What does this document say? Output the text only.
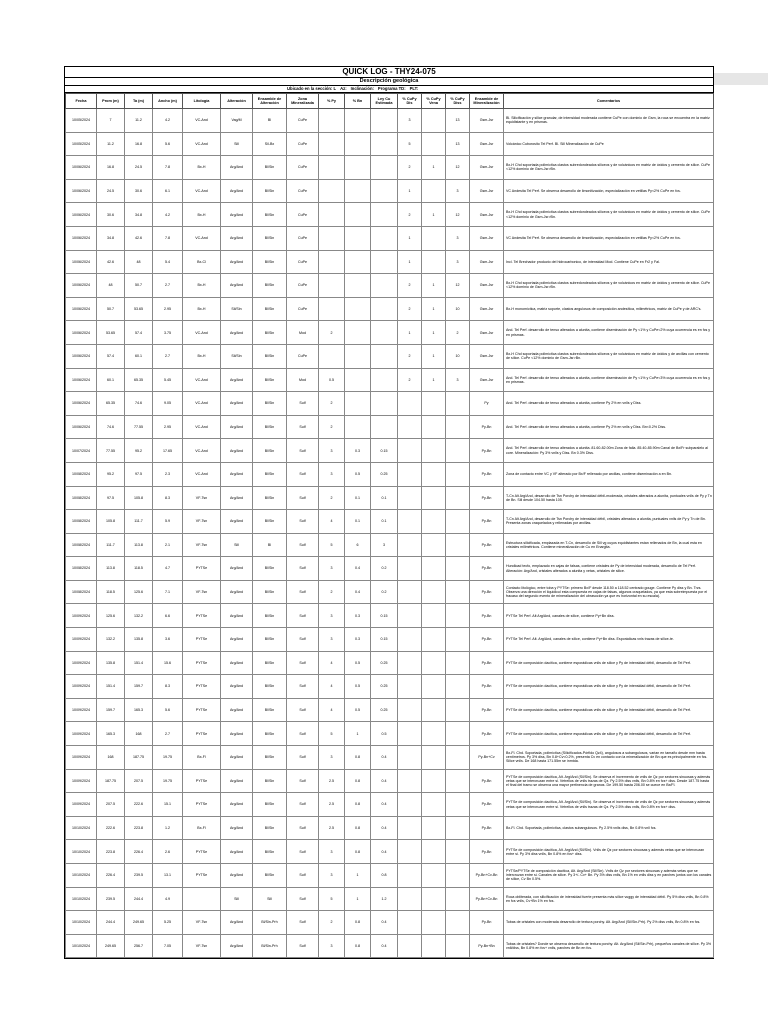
QUICK LOG - THY24-075
Descripción geológica
Ubicado en la sección: L Az: Inclinación: Programa TD: PLT:
Fecha	Prom (m)	Ta (m)	Ancho (m)	Litología	Alteración	Ensamble de Alteración	Zona Mineralizada	% Py	% Bn	Ley Cu Estimada	% CuPy Dis	% CuPy Vena	% CuPy Diss	Ensamble de Mineralización	Comentarios
10/05/2024	7	11.2	4.2	VC-And	Vag/M	Bl	CuPe				3		13	Gsm-Jsr	Bl. Silicificación y silice granular, de intensidad moderada contiene CuPe con dominio de Gsm, la roca se encuentra en la matriz equidistante y en prismas.
10/05/2024	11.2	16.8	5.6	VC-And	Sill	Sil-Bx	CuPe				5		13	Gsm-Jsr	Volcánico Cuborosito Tel Perf. Bl. Sill Mineralización de CuPe
10/06/2024	16.8	24.5	7.8	Bx-H	Arg/And	Bl/Sin	CuPe				2	1	12	Gsm-Jsr	Bx-H Chd soportada polimíctica clastos subredondeados silíceos y de volcánicos en matriz de óxidos y cemento de sílice. CuPe <12% dominio de Gsm-Jsr>Bn.
10/06/2024	24.5	30.6	6.1	VC-And	Arg/And	Bl/Sin	CuPe				1		3	Gsm-Jsr	VC Andesita Tel Perf. Se observa desarrollo de limonitización, especialización en vetillas Py<2% CuPe en fcs.
10/06/2024	30.6	34.8	4.2	Bx-H	Arg/And	Bl/Sin	CuPe				2	1	12	Gsm-Jsr	Bx-H Chd soportada polimíctica clastos subredondeados silíceos y de volcánicos en matriz de óxidos y cemento de sílice. CuPe <12% dominio de Gsm-Jsr>Bn.
10/06/2024	34.8	42.6	7.8	VC-And	Arg/And	Bl/Sin	CuPe				1		3	Gsm-Jsr	VC Andesita Tel Perf. Se observa desarrollo de limonitización, especialización en vetillas Py<2% CuPe en fcs.
10/06/2024	42.6	48	5.4	Bx-Cl	Arg/And	Bl/Sin	CuPe				1		3	Gsm-Jsr	Incl. Tel Brechador producto del hidrocarbonico, de intensidad Mod. Contiene CuPe en Fr2 y Fal.
10/06/2024	48	50.7	2.7	Bx-H	Arg/And	Bl/Sin	CuPe				2	1	12	Gsm-Jsr	Bx-H Chd soportada polimíctica clastos subredondeados silíceos y de volcánicos en matriz de óxidos y cemento de sílice. CuPe <12% dominio de Gsm-Jsr>Bn.
10/06/2024	50.7	53.65	2.95	Bx-H	Sil/Sin	Bl/Sin	CuPe				2	1	10	Gsm-Jsr	Bx-H monomíctica, matriz soporte, clastos angulosos de composición andesítica, milimétricos, matriz de CuPe y de ARC's.
10/06/2024	53.65	57.4	3.75	VC-And	Arg/And	Bl/Sin	Mod	2			1	1	2	Gsm-Jsr	And. Tel Perf. desarrollo de tenso alterados a alunita, contiene diseminación de Py <1% y CuPe<2% cuya ocurrencia es en fcs y en prismas.
10/06/2024	57.4	60.1	2.7	Bx-H	Sil/Sin	Bl/Sin	CuPe				2	1	10	Gsm-Jsr	Bx-H Chd soportada polimíctica clastos subredondeados silíceos y de volcánicos en matriz de óxidos y de arcillas con cemento de sílice. CuPe <12% dominio de Gsm-Jsr>Bn.
10/06/2024	60.1	65.35	5.45	VC-And	Arg/And	Bl/Sin	Mod	0.5			2	1	3	Gsm-Jsr	And. Tel Perf. desarrollo de tenso alterados a alunita, contiene diseminación de Py <1% y CuPe<3% cuya ocurrencia es en fcs y en prismas.
10/06/2024	65.35	74.6	9.05	VC-And	Arg/And	Bl/Sin	Sulf	2						Py	And. Tel Perf. desarrollo de tenso alterados a alunita, contiene Py 2% en vnlls y Diss.
10/06/2024	74.6	77.55	2.95	VC-And	Arg/And	Bl/Sin	Sulf	2						Py-Bn	And. Tel Perf. desarrollo de tenso alterados a alunita, contiene Py 2% en vnlls y Diss. Bn<0.2% Diss.
10/07/2024	77.55	95.2	17.65	VC-And	Arg/And	Bl/Sin	Sulf	3	0.3	0.15				Py-Bn	And. Tel Perf. desarrollo de tenso alterados a alunita. 81.60-82.00m Zona de falla. 85.40-85.90m Canal de Bx/Fr subparalelo al core. Mineralización: Py 3% vnlls y Diss. Bn 0.3% Diss.
10/08/2024	95.2	97.5	2.3	VC-And	Arg/And	Bl/Sin	Sulf	3	0.5	0.25				Py-Bn	Zona de contacto entre VC y VF alterado por Bx/F rellenado por arcillas, contiene diseminación a en Bn.
10/08/2024	97.5	105.8	8.3	VF-Tsn	Arg/And	Bl/Sin	Sulf	2	0.1	0.1				Py-Bn	T-Cn Alt Arg/And, desarrollo de Tsn Porchy de intensidad débil-moderada, cristales alterados a alunita, puntuales vnlls de Py y Tn de Bn. Sill desde 104.50 hasta 105.
10/08/2024	105.8	111.7	5.9	VF-Tsn	Arg/And	Bl/Sin	Sulf	4	0.1	0.1				Py-Bn	T-Cn Alt Arg/And, desarrollo de Tsn Porchy de intensidad débil, cristales alterados a alunita, puntuales vnlls de Py y Tn de Bn. Presenta zonas craquelados y rellenadas por arcillas.
10/08/2024	111.7	113.8	2.1	VF-Tsn	Sill	Bl	Sulf	5	6	3				Py-Bn	Estructura silicificada, emplazada en T-Cn, desarrollo de Sill vg cuyos equidistantes estan rellenados de Bn, la cual esta en cristales milimétricos. Contiene mineralización de Cu en Enargita.
10/08/2024	113.8	118.5	4.7	PYTSe	Arg/And	Bl/Sin	Sulf	3	0.4	0.2				Py-Bn	Hundload tecfo, emplazado en cajas de falsas, contiene cristales de Py de intensidad moderada, desarrollo de Tel Perf. Alteración: Arg/And, cristales alterados a alunita y vetas, cristales de silice.
10/08/2024	118.5	125.6	7.1	VF-Tsn	Arg/And	Bl/Sin	Sulf	2	0.4	0.2				Py-Bn	Contacto litológico, entre toba y PYTSe: primero Bx/F desde 118.50 a 118.52 centrado gouge. Contiene Py diss y Bn. Trzs. Observa una dirección el líquidicul esta compuesta en cajas de falsas, algunos craquelados, ya que esta sobreimpuesta por el fracaso del segundo evento de mineralización del ubrasoción ya que es horizontal en su escala).
10/09/2024	125.6	132.2	6.6	PYTSe	Arg/And	Bl/Sin	Sulf	3	0.3	0.15				Py-Bn	PYTSe Tel Perf. Alt Arg/And, canales de sílice, contiene Py+Bn diss.
10/09/2024	132.2	135.8	3.6	PYTSe	Arg/And	Bl/Sin	Sulf	3	0.3	0.15				Py-Bn	PYTSe Tel Perf. Alt. Arg/And, canales de sílice, contiene Py+Bn diss. Esporádicas vnls trazas de sílice-te.
10/09/2024	135.8	151.4	15.6	PYTSe	Arg/And	Bl/Sin	Sulf	4	0.5	0.25				Py-Bn	PYTSe de composición dacítica, contiene esporádicas vnlls de sílice y Py de intensidad débil, desarrollo de Tel Perf.
10/09/2024	151.4	159.7	8.3	PYTSe	Arg/And	Bl/Sin	Sulf	4	0.5	0.25				Py-Bn	PYTSe de composición dacítica, contiene esporádicas vnlls de sílice y Py de intensidad débil, desarrollo de Tel Perf.
10/09/2024	159.7	165.3	5.6	PYTSe	Arg/And	Bl/Sin	Sulf	4	0.5	0.25				Py-Bn	PYTSe de composición dacítica, contiene esporádicas vnlls de sílice y Py de intensidad débil, desarrollo de Tel Perf.
10/09/2024	165.3	168	2.7	PYTSe	Arg/And	Bl/Sin	Sulf	5	1	0.5				Py-Bn	PYTSe de composición dacítica, contiene esporádicas vnlls de sílice y Py de intensidad débil, desarrollo de Tel Perf.
10/09/2024	168	187.75	19.75	Bx-Fl	Arg/And	Bl/Sin	Sulf	3	0.8	0.4				Py-Bn+Cv	Bx-Fl. Chd. Soportada, polimíctica (Silicificados-Pórfido Qz4), angulosos a subangulosos, varian en tamaño desde mm hasta centímetros. Py 3% diss, Bn 0.8+Cv<0.2%, presenta Cv en contacto con la mineralización de Bn que es principalmente en fcs. Silice vnlls. De 168 hasta 171.55m se inmtda.
10/09/2024	187.75	207.5	19.75	PYTSe	Arg/And	Bl/Sin	Sulf	2.5	0.8	0.4				Py-Bn	PYTSe de composición dacítica, Alt. Arg/And (Sil/Sin). Se observa el incremento de vnlls de Qz por sectores sinuosas y además vetas que se intercruzan entre si. Vetrellos de vnlls trazas de Qz. Py 2.5% diss vnlls, Bn 0.8% en fcs+ diss. Desde 187.75 hasta el final del tramo se observa una mayor pertinencia de granos. De 199.50 hasta 206.00 se cuece en Bx/Fl.
10/09/2024	207.5	222.6	15.1	PYTSe	Arg/And	Bl/Sin	Sulf	2.5	0.8	0.4				Py-Bn	PYTSe de composición dacítica, Alt. Arg/And (Sil/Sin). Se observa el incremento de vnlls de Qz por sectores sinuosas y además vetas que se intercruzan entre si. Vetrellos de vnlls trazas de Qz. Py 2.5% diss vnlls, Bn 0.8% en fcs+ diss.
10/10/2024	222.6	223.8	1.2	Bx-Fl	Arg/And	Bl/Sin	Sulf	2.5	0.8	0.4				Py-Bn	Bx-Fl. Chd. Soportada, polimíctica, clastos subangulosos. Py 2.5% vnlls diss, Bn 0.8% vnll fcs.
10/10/2024	223.8	226.4	2.6	PYTSe	Arg/And	Bl/Sin	Sulf	3	0.8	0.4				Py-Bn	PYTSe de composición dacítica, Alt. Arg/And (Sil/Sin). Vnlls de Qz por sectores sinuosas y además vetas que se intercruzan entre si. Py 3% diss vnlls, Bn 0.8% en fcs+ diss.
10/10/2024	226.4	239.5	13.1	PYTSe	Arg/And	Bl/Sin	Sulf	3	1	0.8				Py-Bn+Cv-Bn	PYTSe/PYTSe de composición dacítica, Alt. Arg/And (Sil/Sin). Vnlls de Qz por sectores sinuosas y además vetas que se intercruzan entre si. Canales de sílice. Py 3+/- Cv+ Bn. Py 3% diss vnlls, Bn 1% en vnlls diss y en parches juntos con los canales de sílice, Cv Bn 0.5%.
10/10/2024	239.5	244.4	4.9		Sill	Sill	Sulf	5	1	1.2				Py-Bn+Cv-Bn	Roca obliterada, con silicificación de intensidad fuerte presenta más sílice vuggy de intensidad débil. Py 5% diss vnlls, Bn 0.8% en fcs vnlls, Cv+Bn 1% en fcs.
10/10/2024	244.4	249.65	5.25	VF-Tsn	Arg/And	Bl/Sin-Prh	Sulf	2	0.8	0.4				Py-Bn	Tobas de cristales con moderada desarrollo de textura porchy. Alt. Arg/And (Sil/Sin-Prh). Py 2% diss vnlls, Bn 0.8% en fcs.
10/10/2024	249.65	256.7	7.05	VF-Tsn	Arg/And	Bl/Sin-Prh	Sulf	3	0.8	0.4				Py-Bn+Bn	Tobas de cristales? Donde se observa desarrollo de textura porchy. Alt. Arg/And (Sil/Sin-Prh), pequeños canales de sílice. Py 3% vnll/diss, Bn 0.8% en fcs+ vnlls, parches de Bn en fcs.
